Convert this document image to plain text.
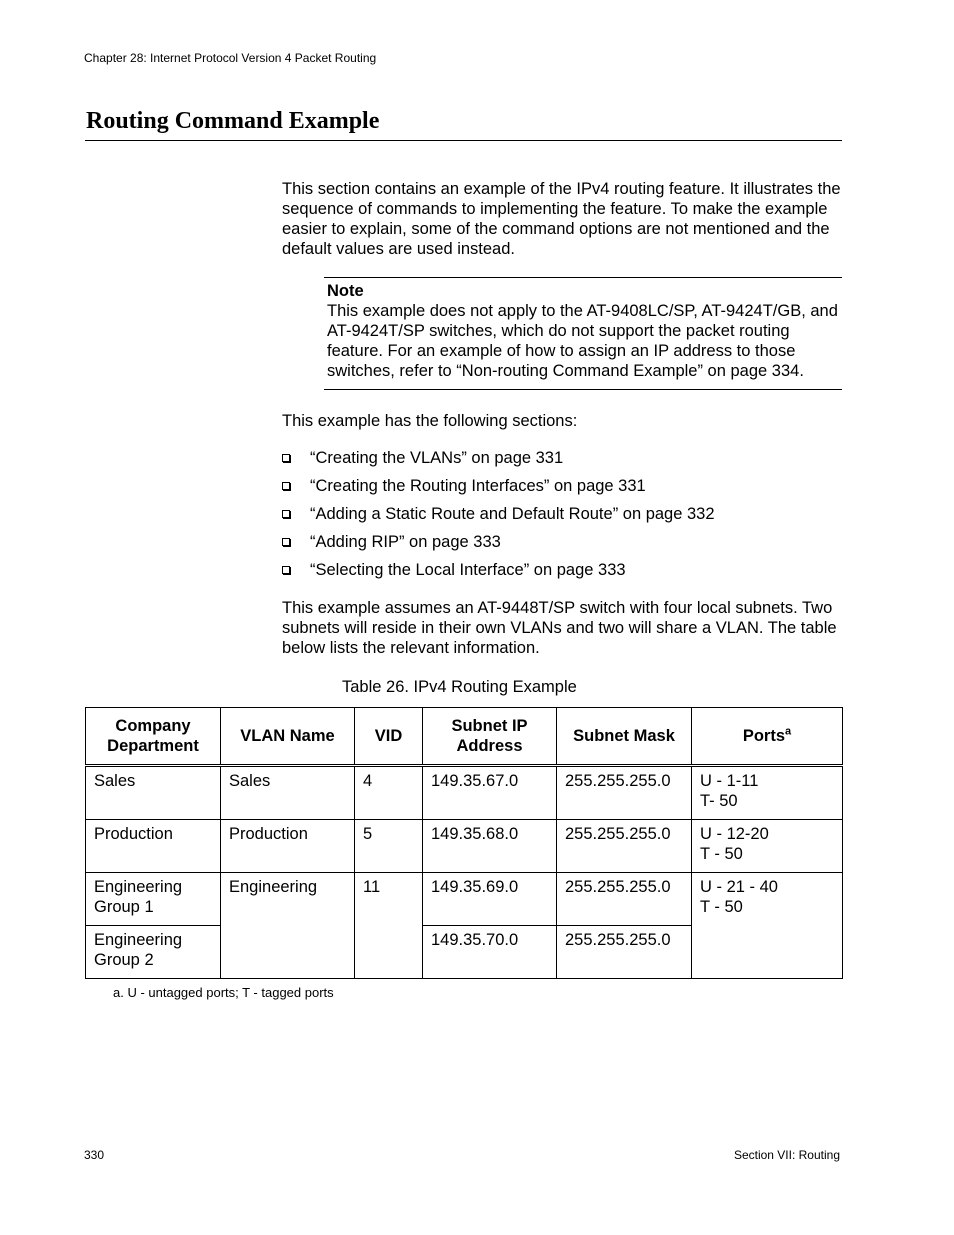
Chapter 28: Internet Protocol Version 4 Packet Routing
Routing Command Example

This section contains an example of the IPv4 routing feature. It illustrates the sequence of commands to implementing the feature. To make the example easier to explain, some of the command options are not mentioned and the default values are used instead.

Note

This example does not apply to the AT-9408LC/SP, AT-9424T/GB, and AT-9424T/SP switches, which do not support the packet routing feature. For an example of how to assign an IP address to those switches, refer to “Non-routing Command Example” on page 334.

This example has the following sections:

“Creating the VLANs” on page 331
“Creating the Routing Interfaces” on page 331
“Adding a Static Route and Default Route” on page 332
“Adding RIP” on page 333
“Selecting the Local Interface” on page 333

This example assumes an AT-9448T/SP switch with four local subnets. Two subnets will reside in their own VLANs and two will share a VLAN. The table below lists the relevant information.

Table 26. IPv4 Routing Example
Company Department	VLAN Name	VID	Subnet IP Address	Subnet Mask	Ports$^a$
Sales	Sales	4	149.35.67.0	255.255.255.0	U - 1-11
T- 50
Production	Production	5	149.35.68.0	255.255.255.0	U - 12-20
T - 50
Engineering Group 1	Engineering	11	149.35.69.0	255.255.255.0	U - 21 - 40
T - 50
Engineering Group 2			149.35.70.0	255.255.255.0	
a. U - untagged ports; T - tagged ports
330	Section VII: Routing
